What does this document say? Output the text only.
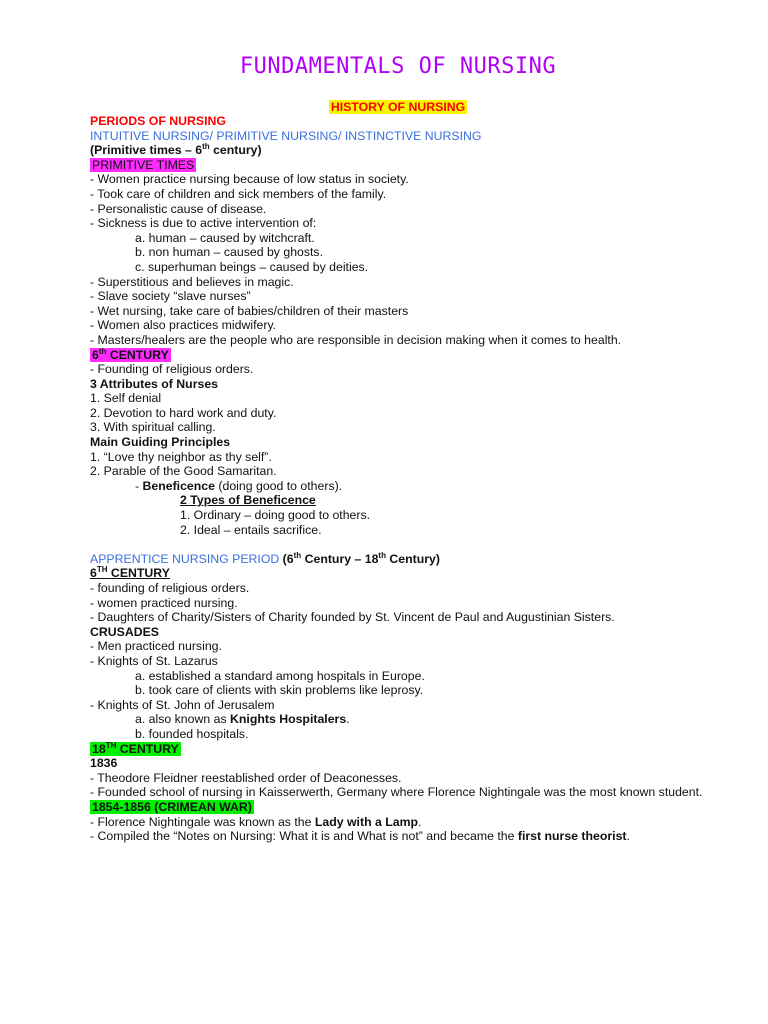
FUNDAMENTALS OF NURSING
HISTORY OF NURSING
PERIODS OF NURSING
INTUITIVE NURSING/ PRIMITIVE NURSING/ INSTINCTIVE NURSING
(Primitive times – 6th century)
PRIMITIVE TIMES
- Women practice nursing because of low status in society.
- Took care of children and sick members of the family.
- Personalistic cause of disease.
- Sickness is due to active intervention of:
a. human – caused by witchcraft.
b. non human – caused by ghosts.
c. superhuman beings – caused by deities.
- Superstitious and believes in magic.
- Slave society “slave nurses”
- Wet nursing, take care of babies/children of their masters
- Women also practices midwifery.
- Masters/healers are the people who are responsible in decision making when it comes to health.
6th CENTURY
- Founding of religious orders.
3 Attributes of Nurses
1. Self denial
2. Devotion to hard work and duty.
3. With spiritual calling.
Main Guiding Principles
1. “Love thy neighbor as thy self”.
2. Parable of the Good Samaritan.
- Beneficence (doing good to others).
2 Types of Beneficence
1. Ordinary – doing good to others.
2. Ideal – entails sacrifice.
APPRENTICE NURSING PERIOD (6th Century – 18th Century)
6TH CENTURY
- founding of religious orders.
- women practiced nursing.
- Daughters of Charity/Sisters of Charity founded by St. Vincent de Paul and Augustinian Sisters.
CRUSADES
- Men practiced nursing.
- Knights of St. Lazarus
a. established a standard among hospitals in Europe.
b. took care of clients with skin problems like leprosy.
- Knights of St. John of Jerusalem
a. also known as Knights Hospitalers.
b. founded hospitals.
18TH CENTURY
1836
- Theodore Fleidner reestablished order of Deaconesses.
- Founded school of nursing in Kaisserwerth, Germany where Florence Nightingale was the most known student.
1854-1856 (CRIMEAN WAR)
- Florence Nightingale was known as the Lady with a Lamp.
- Compiled the “Notes on Nursing: What it is and What is not” and became the first nurse theorist.
